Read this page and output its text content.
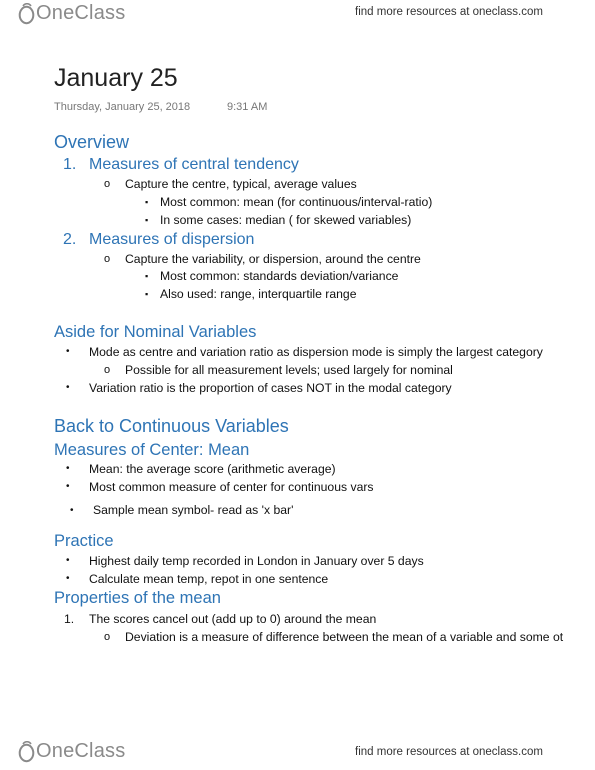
OneClass	find more resources at oneclass.com
January 25
Thursday, January 25, 2018	9:31 AM
Overview
1. Measures of central tendency
o Capture the centre, typical, average values
▪ Most common: mean (for continuous/interval-ratio)
▪ In some cases: median ( for skewed variables)
2. Measures of dispersion
o Capture the variability, or dispersion, around the centre
▪ Most common: standards deviation/variance
▪ Also used: range, interquartile range
Aside for Nominal Variables
• Mode as centre and variation ratio as dispersion mode is simply the largest category
o Possible for all measurement levels; used largely for nominal
• Variation ratio is the proportion of cases NOT in the modal category
Back to Continuous Variables
Measures of Center: Mean
• Mean: the average score (arithmetic average)
• Most common measure of center for continuous vars
• Sample mean symbol- read as 'x bar'
Practice
• Highest daily temp recorded in London in January over 5 days
• Calculate mean temp, repot in one sentence
Properties of the mean
1. The scores cancel out (add up to 0) around the mean
o Deviation is a measure of difference between the mean of a variable and some ot
OneClass	find more resources at oneclass.com
